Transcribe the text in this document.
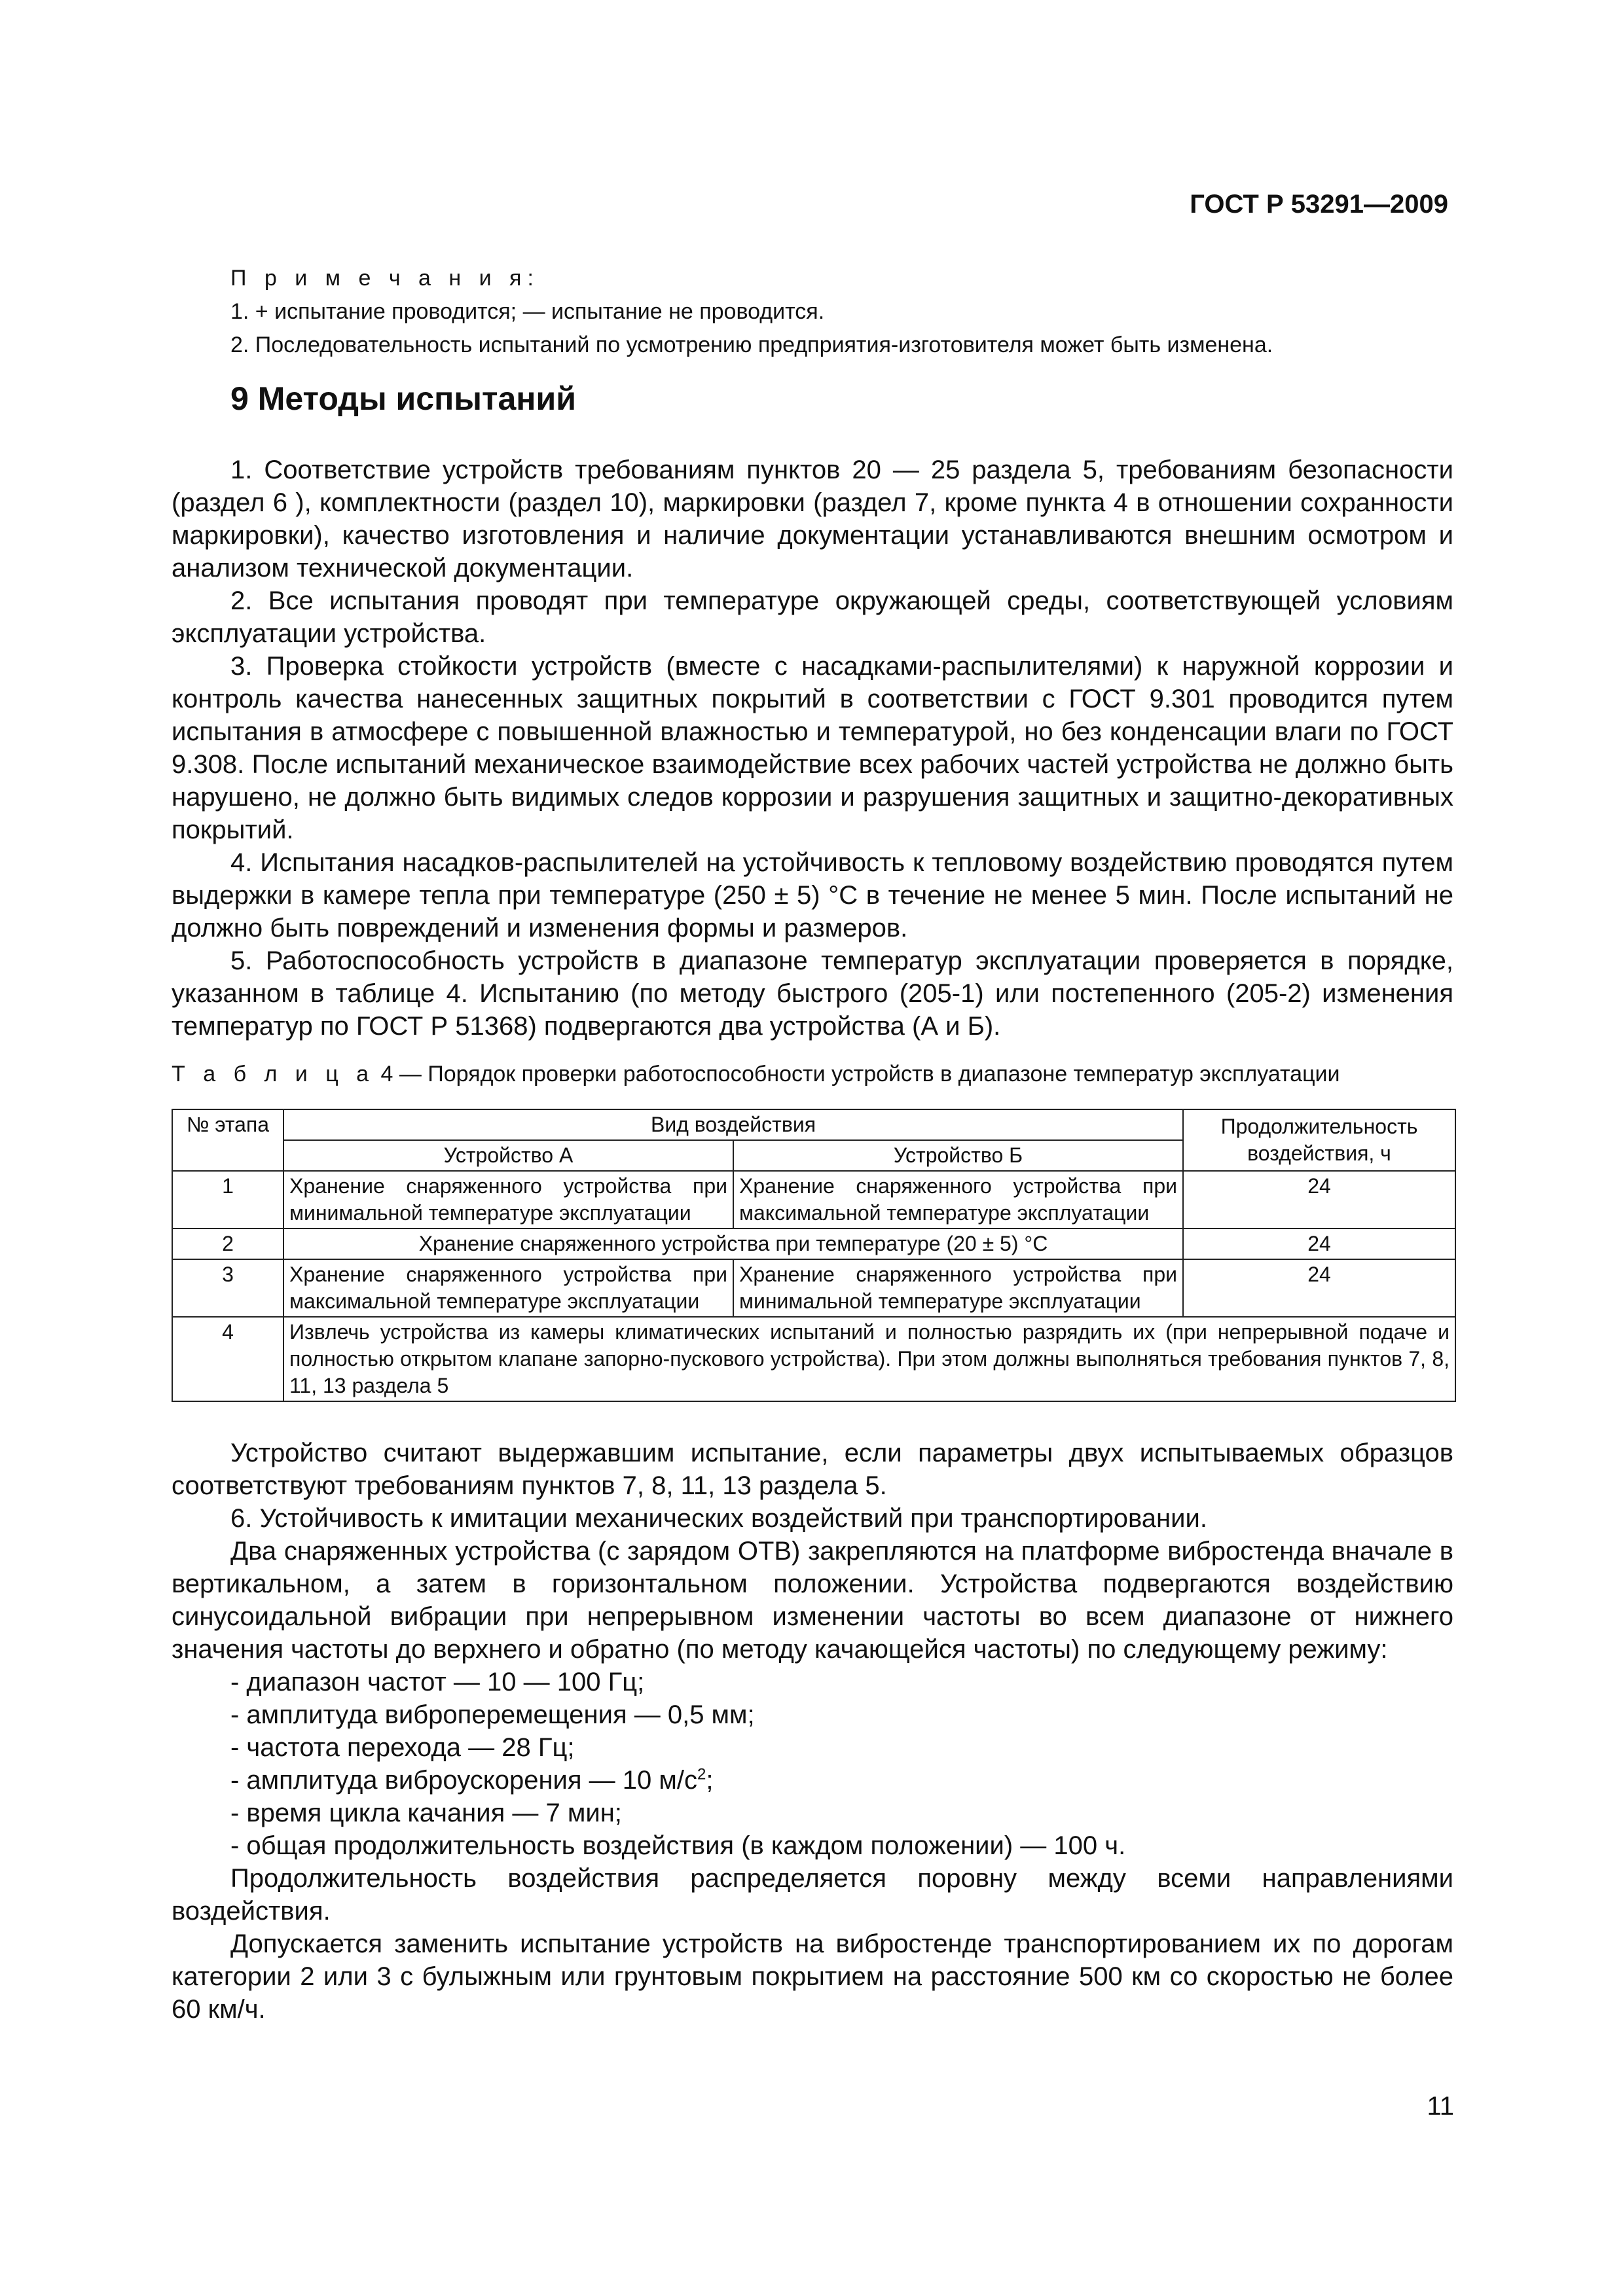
ГОСТ Р 53291—2009
П р и м е ч а н и я:
1. + испытание проводится; — испытание не проводится.
2. Последовательность испытаний по усмотрению предприятия-изготовителя может быть изменена.
9 Методы испытаний

1. Соответствие устройств требованиям пунктов 20 — 25 раздела 5, требованиям безопасности (раздел 6 ), комплектности (раздел 10), маркировки (раздел 7, кроме пункта 4 в отношении сохранности маркировки), качество изготовления и наличие документации устанавливаются внешним осмотром и анализом технической документации.

2. Все испытания проводят при температуре окружающей среды, соответствующей условиям эксплуатации устройства.

3. Проверка стойкости устройств (вместе с насадками-распылителями) к наружной коррозии и контроль качества нанесенных защитных покрытий в соответствии с ГОСТ 9.301 проводится путем испытания в атмосфере с повышенной влажностью и температурой, но без конденсации влаги по ГОСТ 9.308. После испытаний механическое взаимодействие всех рабочих частей устройства не должно быть нарушено, не должно быть видимых следов коррозии и разрушения защитных и защитно-декоративных покрытий.

4. Испытания насадков-распылителей на устойчивость к тепловому воздействию проводятся путем выдержки в камере тепла при температуре (250 ± 5) °С в течение не менее 5 мин. После испытаний не должно быть повреждений и изменения формы и размеров.

5. Работоспособность устройств в диапазоне температур эксплуатации проверяется в порядке, указанном в таблице 4. Испытанию (по методу быстрого (205-1) или постепенного (205-2) изменения температур по ГОСТ Р 51368) подвергаются два устройства (А и Б).

Т а б л и ц а 4 — Порядок проверки работоспособности устройств в диапазоне температур эксплуатации
№ этапа	Вид воздействия		Продолжительность воздействия, ч
	Устройство А	Устройство Б	
1	Хранение снаряженного устройства при минимальной температуре эксплуатации	Хранение снаряженного устройства при максимальной температуре эксплуатации	24
2	Хранение снаряженного устройства при температуре (20 ± 5) °С		24
3	Хранение снаряженного устройства при максимальной температуре эксплуатации	Хранение снаряженного устройства при минимальной температуре эксплуатации	24
4	Извлечь устройства из камеры климатических испытаний и полностью разрядить их (при непрерывной подаче и полностью открытом клапане запорно-пускового устройства). При этом должны выполняться требования пунктов 7, 8, 11, 13 раздела 5		

Устройство считают выдержавшим испытание, если параметры двух испытываемых образцов соответствуют требованиям пунктов 7, 8, 11, 13 раздела 5.

6. Устойчивость к имитации механических воздействий при транспортировании.

Два снаряженных устройства (с зарядом ОТВ) закрепляются на платформе вибростенда вначале в вертикальном, а затем в горизонтальном положении. Устройства подвергаются воздействию синусоидальной вибрации при непрерывном изменении частоты во всем диапазоне от нижнего значения частоты до верхнего и обратно (по методу качающейся частоты) по следующему режиму:

- диапазон частот — 10 — 100 Гц;

- амплитуда виброперемещения — 0,5 мм;

- частота перехода — 28 Гц;

- амплитуда виброускорения — 10 $м/с^2$;

- время цикла качания — 7 мин;

- общая продолжительность воздействия (в каждом положении) — 100 ч.

Продолжительность воздействия распределяется поровну между всеми направлениями воздействия.

Допускается заменить испытание устройств на вибростенде транспортированием их по дорогам категории 2 или 3 с булыжным или грунтовым покрытием на расстояние 500 км со скоростью не более 60 км/ч.

11
